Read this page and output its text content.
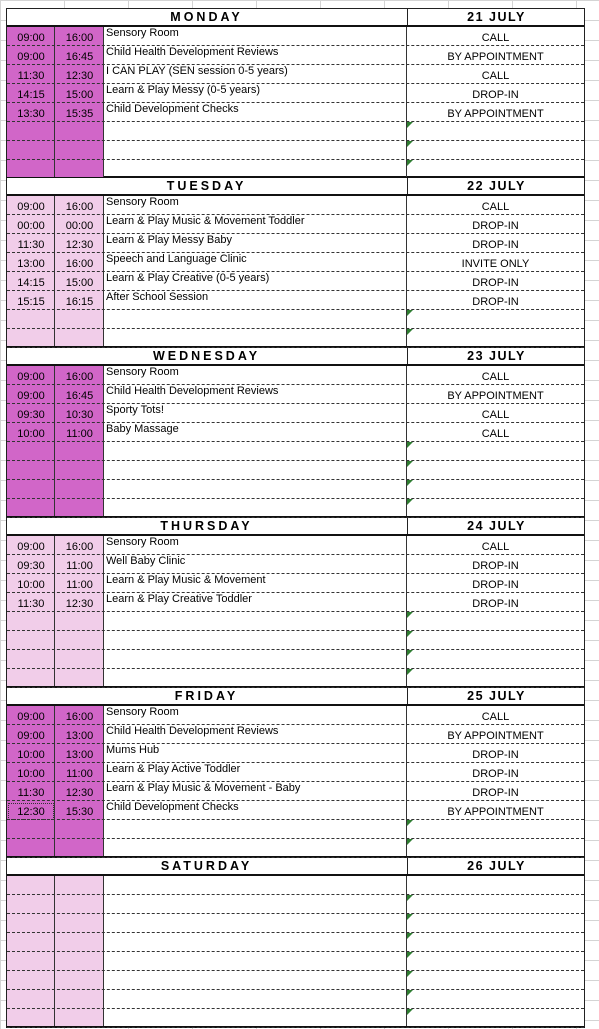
MONDAY	21 JULY
09:00	16:00	Sensory Room	CALL
09:00	16:45	Child Health Development Reviews	BY APPOINTMENT
11:30	12:30	I CAN PLAY (SEN session 0-5 years)	CALL
14:15	15:00	Learn & Play Messy (0-5 years)	DROP-IN
13:30	15:35	Child Development Checks	BY APPOINTMENT
TUESDAY	22 JULY
09:00	16:00	Sensory Room	CALL
00:00	00:00	Learn & Play Music & Movement Toddler	DROP-IN
11:30	12:30	Learn & Play Messy Baby	DROP-IN
13:00	16:00	Speech and Language Clinic	INVITE ONLY
14:15	15:00	Learn & Play Creative (0-5 years)	DROP-IN
15:15	16:15	After School Session	DROP-IN
WEDNESDAY	23 JULY
09:00	16:00	Sensory Room	CALL
09:00	16:45	Child Health Development Reviews	BY APPOINTMENT
09:30	10:30	Sporty Tots!	CALL
10:00	11:00	Baby Massage	CALL
THURSDAY	24 JULY
09:00	16:00	Sensory Room	CALL
09:30	11:00	Well Baby Clinic	DROP-IN
10:00	11:00	Learn & Play Music & Movement	DROP-IN
11:30	12:30	Learn & Play Creative Toddler	DROP-IN
FRIDAY	25 JULY
09:00	16:00	Sensory Room	CALL
09:00	13:00	Child Health Development Reviews	BY APPOINTMENT
10:00	13:00	Mums Hub	DROP-IN
10:00	11:00	Learn & Play Active Toddler	DROP-IN
11:30	12:30	Learn & Play Music & Movement - Baby	DROP-IN
12:30	15:30	Child Development Checks	BY APPOINTMENT
SATURDAY	26 JULY
